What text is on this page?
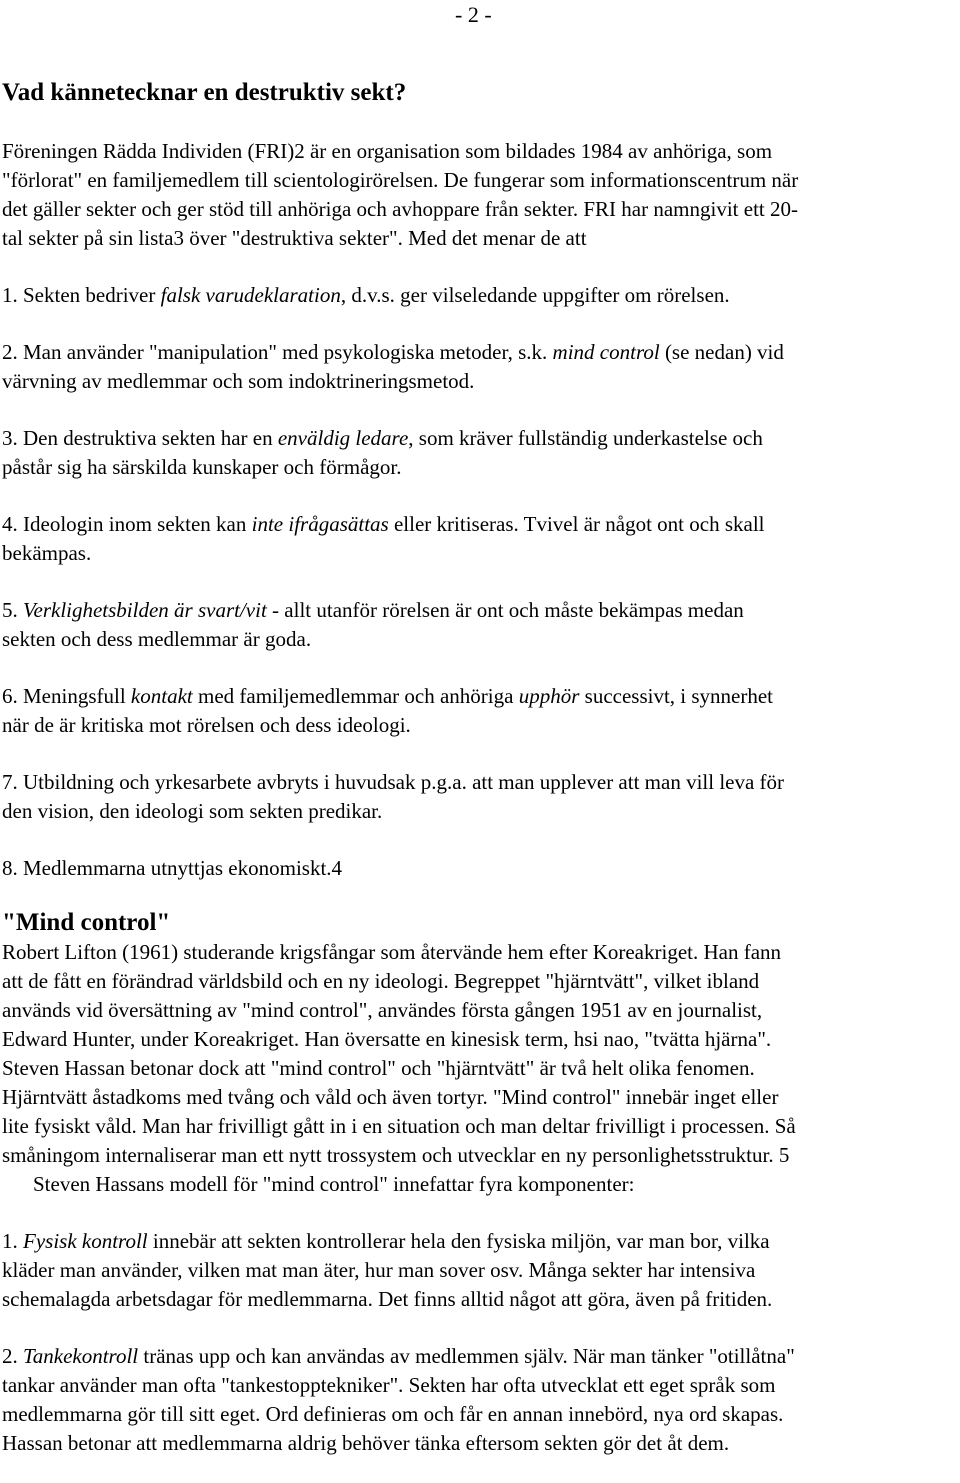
- 2 -
Vad kännetecknar en destruktiv sekt?

Föreningen Rädda Individen (FRI)2 är en organisation som bildades 1984 av anhöriga, som
"förlorat" en familjemedlem till scientologirörelsen. De fungerar som informationscentrum när
det gäller sekter och ger stöd till anhöriga och avhoppare från sekter. FRI har namngivit ett 20-
tal sekter på sin lista3 över "destruktiva sekter". Med det menar de att

1. Sekten bedriver falsk varudeklaration, d.v.s. ger vilseledande uppgifter om rörelsen.

2. Man använder "manipulation" med psykologiska metoder, s.k. mind control (se nedan) vid
värvning av medlemmar och som indoktrineringsmetod.

3. Den destruktiva sekten har en enväldig ledare, som kräver fullständig underkastelse och
påstår sig ha särskilda kunskaper och förmågor.

4. Ideologin inom sekten kan inte ifrågasättas eller kritiseras. Tvivel är något ont och skall
bekämpas.

5. Verklighetsbilden är svart/vit - allt utanför rörelsen är ont och måste bekämpas medan
sekten och dess medlemmar är goda.

6. Meningsfull kontakt med familjemedlemmar och anhöriga upphör successivt, i synnerhet
när de är kritiska mot rörelsen och dess ideologi.

7. Utbildning och yrkesarbete avbryts i huvudsak p.g.a. att man upplever att man vill leva för
den vision, den ideologi som sekten predikar.

8. Medlemmarna utnyttjas ekonomiskt.4

"Mind control"

Robert Lifton (1961) studerande krigsfångar som återvände hem efter Koreakriget. Han fann
att de fått en förändrad världsbild och en ny ideologi. Begreppet "hjärntvätt", vilket ibland
används vid översättning av "mind control", användes första gången 1951 av en journalist,
Edward Hunter, under Koreakriget. Han översatte en kinesisk term, hsi nao, "tvätta hjärna".
Steven Hassan betonar dock att "mind control" och "hjärntvätt" är två helt olika fenomen.
Hjärntvätt åstadkoms med tvång och våld och även tortyr. "Mind control" innebär inget eller
lite fysiskt våld. Man har frivilligt gått in i en situation och man deltar frivilligt i processen. Så
småningom internaliserar man ett nytt trossystem och utvecklar en ny personlighetsstruktur. 5

Steven Hassans modell för "mind control" innefattar fyra komponenter:

1. Fysisk kontroll innebär att sekten kontrollerar hela den fysiska miljön, var man bor, vilka
kläder man använder, vilken mat man äter, hur man sover osv. Många sekter har intensiva
schemalagda arbetsdagar för medlemmarna. Det finns alltid något att göra, även på fritiden.

2. Tankekontroll tränas upp och kan användas av medlemmen själv. När man tänker "otillåtna"
tankar använder man ofta "tankestopptekniker". Sekten har ofta utvecklat ett eget språk som
medlemmarna gör till sitt eget. Ord definieras om och får en annan innebörd, nya ord skapas.
Hassan betonar att medlemmarna aldrig behöver tänka eftersom sekten gör det åt dem.
